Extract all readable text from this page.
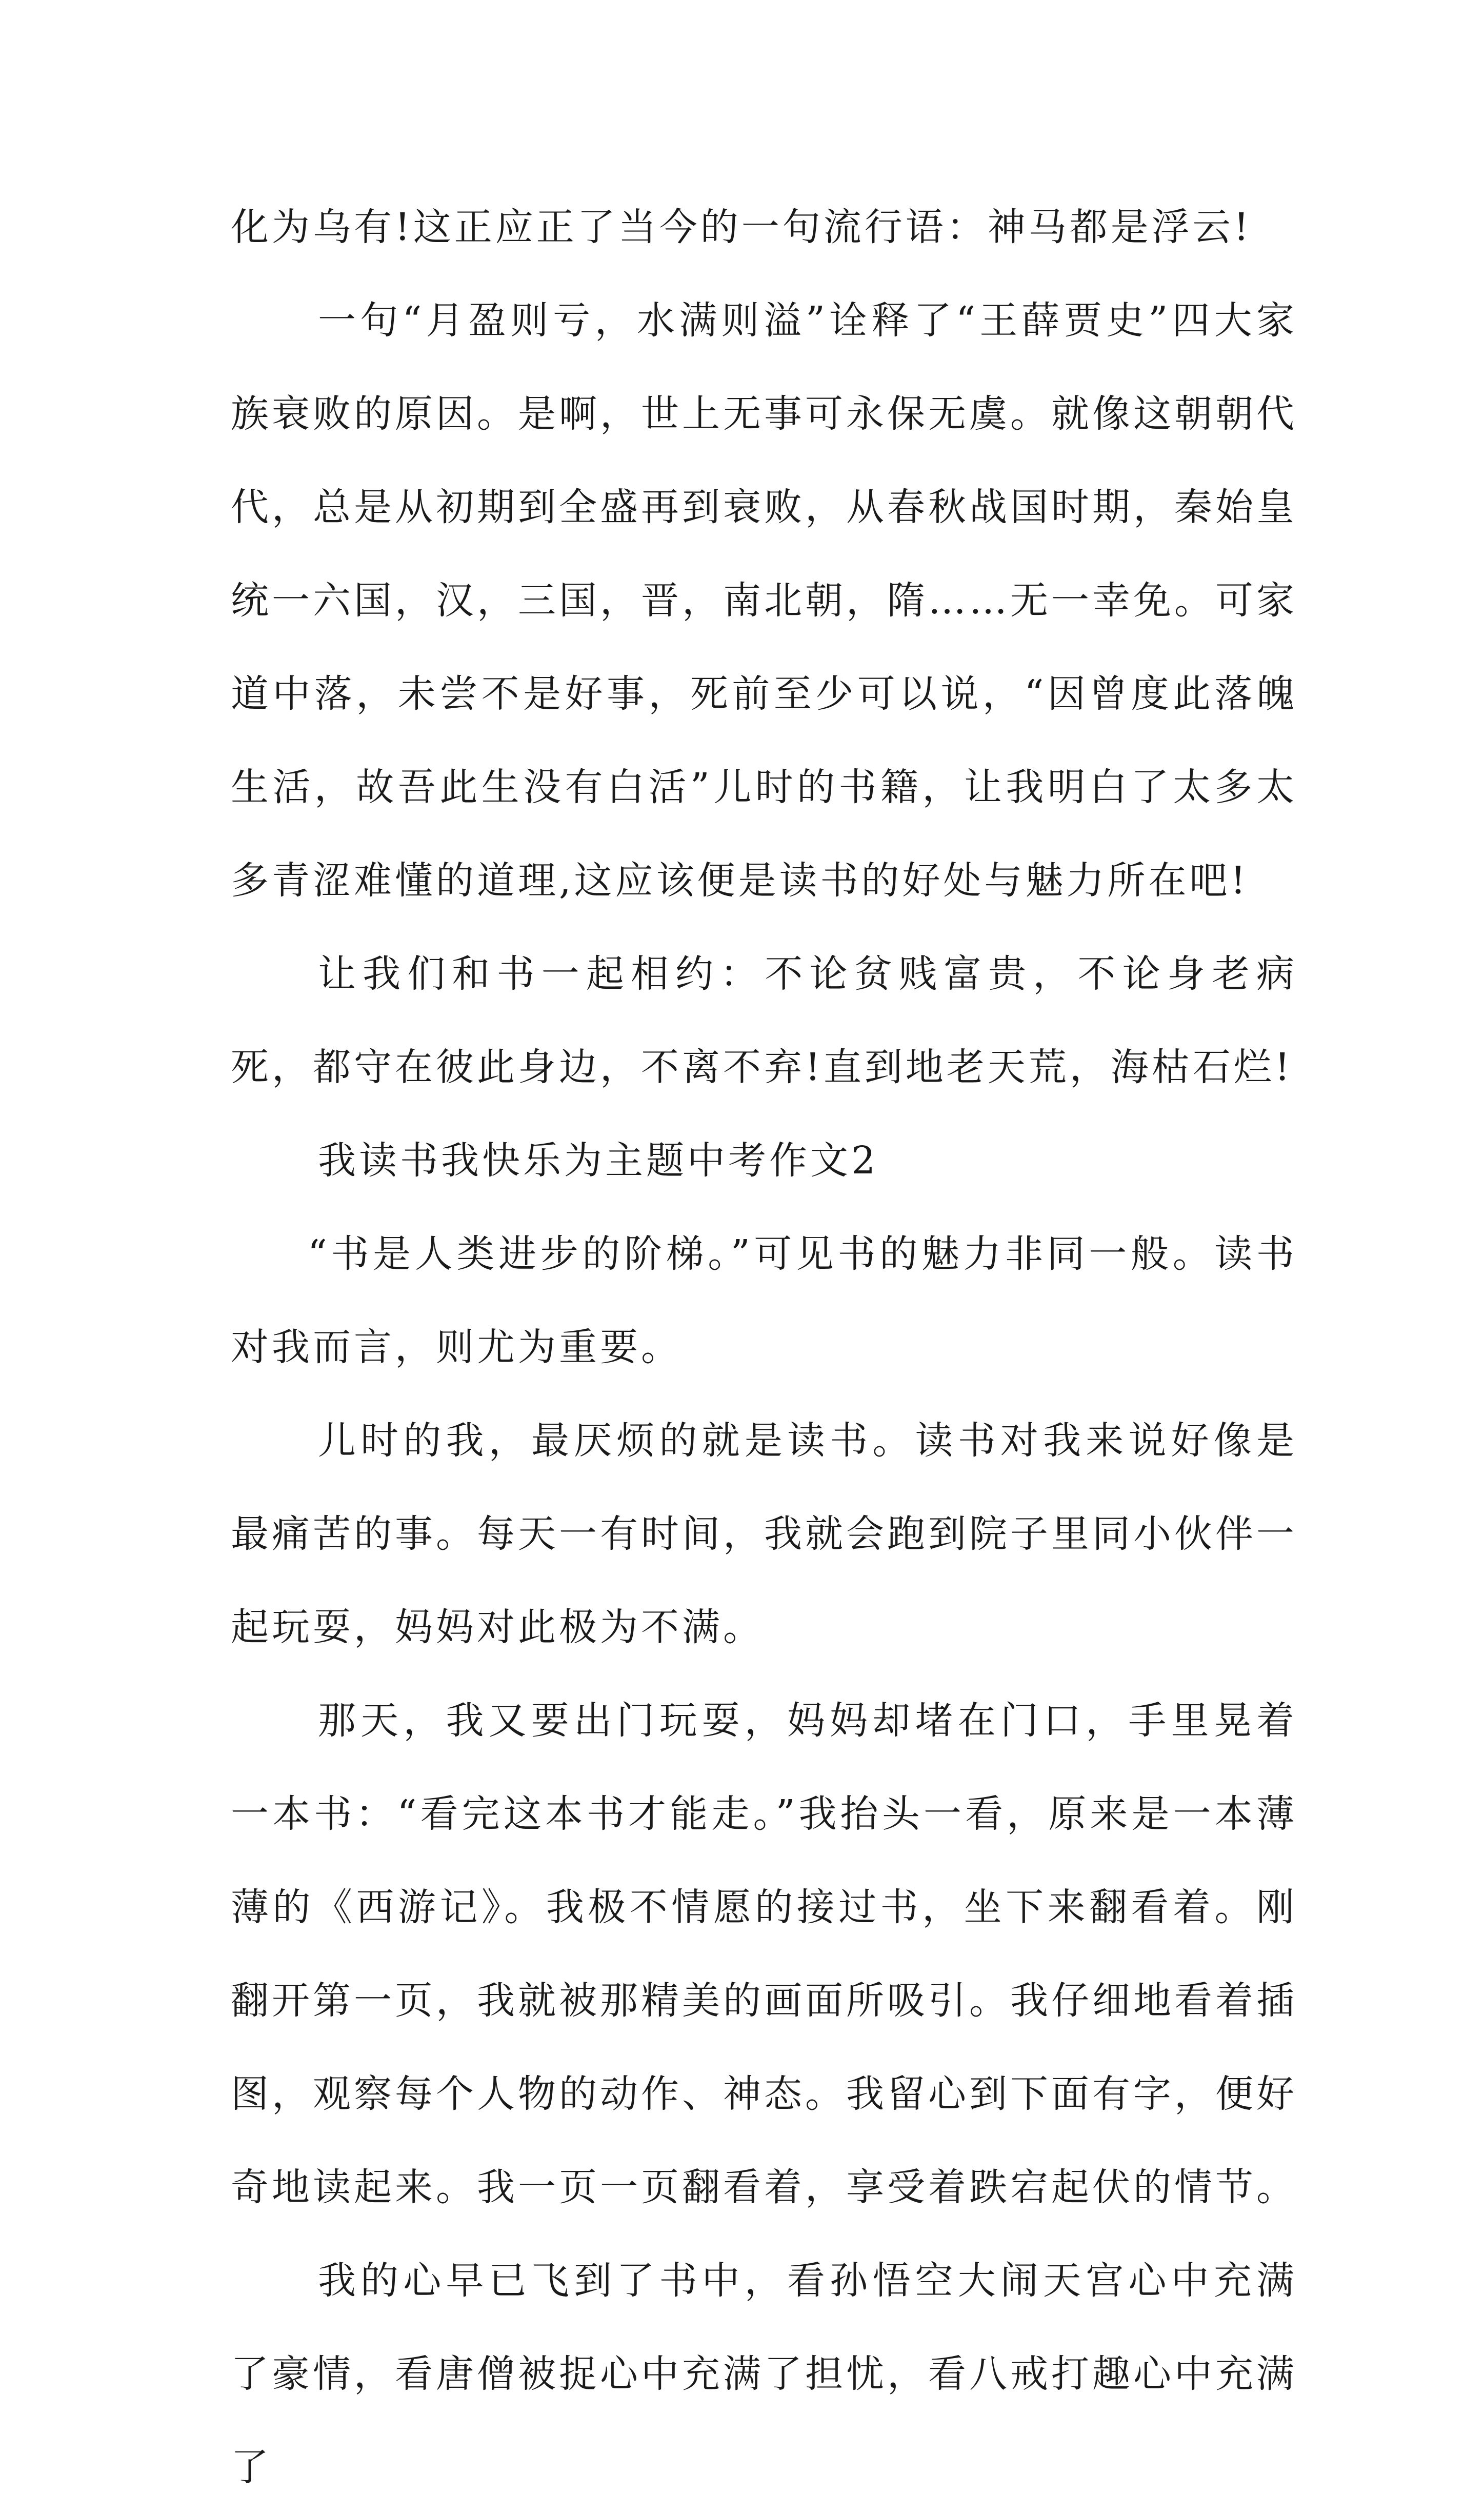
化为乌有!这正应正了当今的一句流行语：神马都是浮云!

一句“月盈则亏，水满则溢”诠释了“王薛贾史”四大家族衰败的原因。是啊，世上无事可永保无虞。就像这朝朝代代，总是从初期到全盛再到衰败，从春秋战国时期，秦始皇统一六国，汉，三国，晋，南北朝，隋……无一幸免。可家道中落，未尝不是好事，死前至少可以说，“因曾度此落魄生活，故吾此生没有白活”儿时的书籍，让我明白了太多太多青涩难懂的道理,这应该便是读书的好处与魅力所在吧!

让我们和书一起相约：不论贫贱富贵，不论身老病死，都守在彼此身边，不离不弃!直到地老天荒，海枯石烂!

我读书我快乐为主题中考作文2

“书是人类进步的阶梯。”可见书的魅力非同一般。读书对我而言，则尤为重要。

儿时的我，最厌烦的就是读书。读书对我来说好像是最痛苦的事。每天一有时间，我就会跑到院子里同小伙伴一起玩耍，妈妈对此极为不满。

那天，我又要出门玩耍，妈妈却堵在门口，手里晃着一本书：“看完这本书才能走。”我抬头一看，原来是一本薄薄的《西游记》。我极不情愿的接过书，坐下来翻看着。刚翻开第一页，我就被那精美的画面所吸引。我仔细地看着插图，观察每个人物的动作、神态。我留心到下面有字，便好奇地读起来。我一页一页翻看着，享受着跌宕起伏的情节。

我的心早已飞到了书中，看孙悟空大闹天宫心中充满了豪情，看唐僧被捉心中充满了担忧，看八戒打趣心中充满了
